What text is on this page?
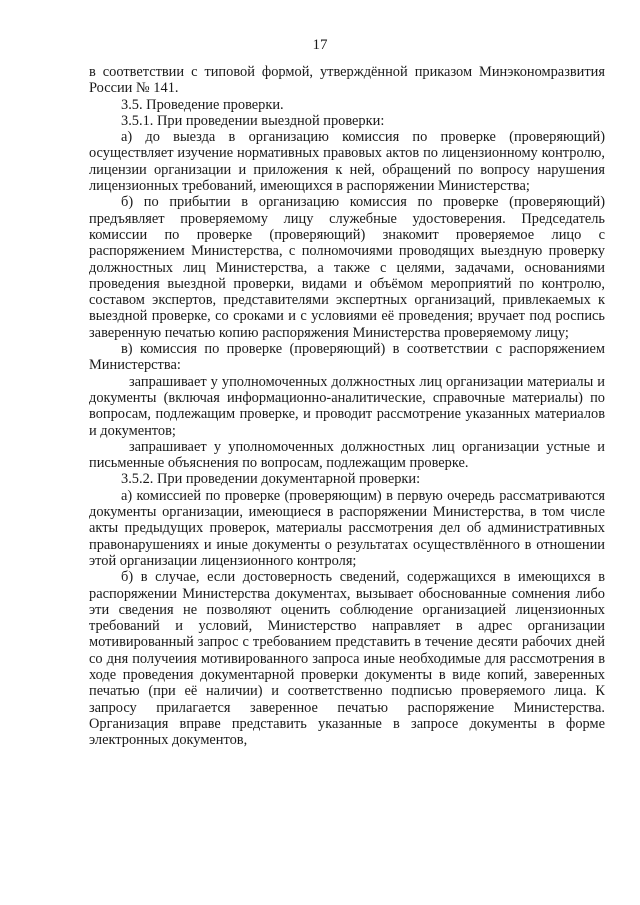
17

в соответствии с типовой формой, утверждённой приказом Минэкономразвития России № 141.

3.5. Проведение проверки.

3.5.1. При проведении выездной проверки:

а) до выезда в организацию комиссия по проверке (проверяющий) осуществляет изучение нормативных правовых актов по лицензионному контролю, лицензии организации и приложения к ней, обращений по вопросу нарушения лицензионных требований, имеющихся в распоряжении Министерства;

б) по прибытии в организацию комиссия по проверке (проверяющий) предъявляет проверяемому лицу служебные удостоверения. Председатель комиссии по проверке (проверяющий) знакомит проверяемое лицо с распоряжением Министерства, с полномочиями проводящих выездную проверку должностных лиц Министерства, а также с целями, задачами, основаниями проведения выездной проверки, видами и объёмом мероприятий по контролю, составом экспертов, представителями экспертных организаций, привлекаемых к выездной проверке, со сроками и с условиями её проведения; вручает под роспись заверенную печатью копию распоряжения Министерства проверяемому лицу;

в) комиссия по проверке (проверяющий) в соответствии с распоряжением Министерства:

запрашивает у уполномоченных должностных лиц организации материалы и документы (включая информационно-аналитические, справочные материалы) по вопросам, подлежащим проверке, и проводит рассмотрение указанных материалов и документов;

запрашивает у уполномоченных должностных лиц организации устные и письменные объяснения по вопросам, подлежащим проверке.

3.5.2. При проведении документарной проверки:

а) комиссией по проверке (проверяющим) в первую очередь рассматриваются документы организации, имеющиеся в распоряжении Министерства, в том числе акты предыдущих проверок, материалы рассмотрения дел об административных правонарушениях и иные документы о результатах осуществлённого в отношении этой организации лицензионного контроля;

б) в случае, если достоверность сведений, содержащихся в имеющихся в распоряжении Министерства документах, вызывает обоснованные сомнения либо эти сведения не позволяют оценить соблюдение организацией лицензионных требований и условий, Министерство направляет в адрес организации мотивированный запрос с требованием представить в течение десяти рабочих дней со дня получеиия мотивированного запроса иные необходимые для рассмотрения в ходе проведения документарной проверки документы в виде копий, заверенных печатью (при её наличии) и соответственно подписью проверяемого лица. К запросу прилагается заверенное печатью распоряжение Министерства. Организация вправе представить указанные в запросе документы в форме электронных документов,
